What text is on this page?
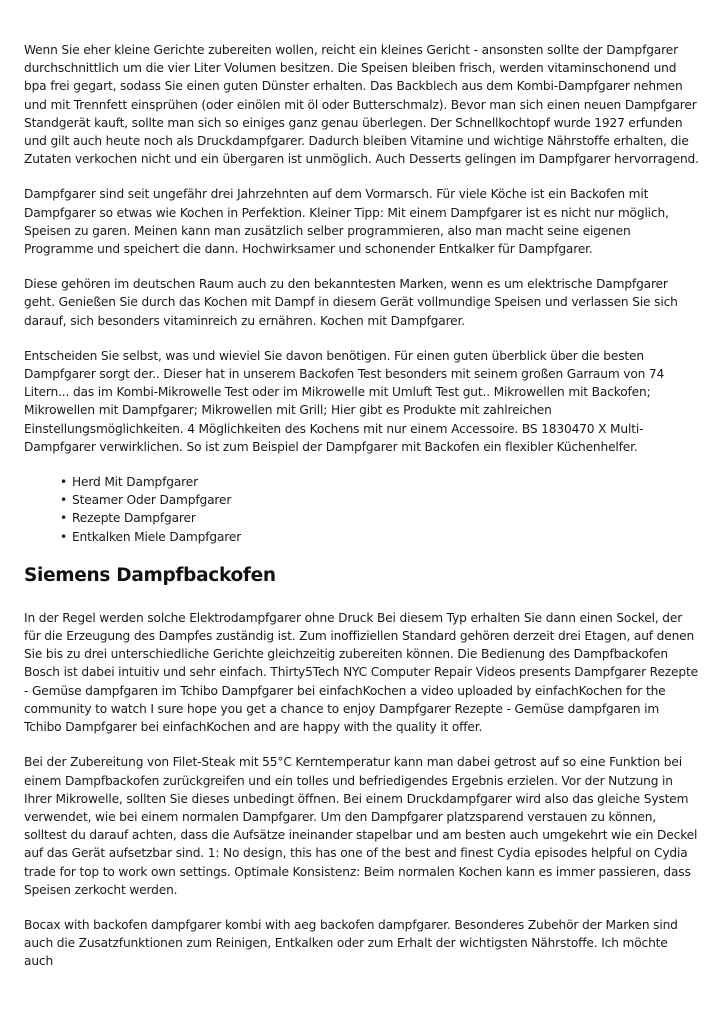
Wenn Sie eher kleine Gerichte zubereiten wollen, reicht ein kleines Gericht - ansonsten sollte der Dampfgarer durchschnittlich um die vier Liter Volumen besitzen. Die Speisen bleiben frisch, werden vitaminschonend und bpa frei gegart, sodass Sie einen guten Dünster erhalten. Das Backblech aus dem Kombi-Dampfgarer nehmen und mit Trennfett einsprühen (oder einölen mit öl oder Butterschmalz). Bevor man sich einen neuen Dampfgarer Standgerät kauft, sollte man sich so einiges ganz genau überlegen. Der Schnellkochtopf wurde 1927 erfunden und gilt auch heute noch als Druckdampfgarer. Dadurch bleiben Vitamine und wichtige Nährstoffe erhalten, die Zutaten verkochen nicht und ein übergaren ist unmöglich. Auch Desserts gelingen im Dampfgarer hervorragend.

Dampfgarer sind seit ungefähr drei Jahrzehnten auf dem Vormarsch. Für viele Köche ist ein Backofen mit Dampfgarer so etwas wie Kochen in Perfektion. Kleiner Tipp: Mit einem Dampfgarer ist es nicht nur möglich, Speisen zu garen. Meinen kann man zusätzlich selber programmieren, also man macht seine eigenen Programme und speichert die dann. Hochwirksamer und schonender Entkalker für Dampfgarer.

Diese gehören im deutschen Raum auch zu den bekanntesten Marken, wenn es um elektrische Dampfgarer geht. Genießen Sie durch das Kochen mit Dampf in diesem Gerät vollmundige Speisen und verlassen Sie sich darauf, sich besonders vitaminreich zu ernähren. Kochen mit Dampfgarer.

Entscheiden Sie selbst, was und wieviel Sie davon benötigen. Für einen guten überblick über die besten Dampfgarer sorgt der.. Dieser hat in unserem Backofen Test besonders mit seinem großen Garraum von 74 Litern... das im Kombi-Mikrowelle Test oder im Mikrowelle mit Umluft Test gut.. Mikrowellen mit Backofen; Mikrowellen mit Dampfgarer; Mikrowellen mit Grill; Hier gibt es Produkte mit zahlreichen Einstellungsmöglichkeiten. 4 Möglichkeiten des Kochens mit nur einem Accessoire. BS 1830470 X Multi-Dampfgarer verwirklichen. So ist zum Beispiel der Dampfgarer mit Backofen ein flexibler Küchenhelfer.

• Herd Mit Dampfgarer
• Steamer Oder Dampfgarer
• Rezepte Dampfgarer
• Entkalken Miele Dampfgarer
Siemens Dampfbackofen

In der Regel werden solche Elektrodampfgarer ohne Druck Bei diesem Typ erhalten Sie dann einen Sockel, der für die Erzeugung des Dampfes zuständig ist. Zum inoffiziellen Standard gehören derzeit drei Etagen, auf denen Sie bis zu drei unterschiedliche Gerichte gleichzeitig zubereiten können. Die Bedienung des Dampfbackofen Bosch ist dabei intuitiv und sehr einfach. Thirty5Tech NYC Computer Repair Videos presents Dampfgarer Rezepte - Gemüse dampfgaren im Tchibo Dampfgarer bei einfachKochen a video uploaded by einfachKochen for the community to watch I sure hope you get a chance to enjoy Dampfgarer Rezepte - Gemüse dampfgaren im Tchibo Dampfgarer bei einfachKochen and are happy with the quality it offer.

Bei der Zubereitung von Filet-Steak mit 55°C Kerntemperatur kann man dabei getrost auf so eine Funktion bei einem Dampfbackofen zurückgreifen und ein tolles und befriedigendes Ergebnis erzielen. Vor der Nutzung in Ihrer Mikrowelle, sollten Sie dieses unbedingt öffnen. Bei einem Druckdampfgarer wird also das gleiche System verwendet, wie bei einem normalen Dampfgarer. Um den Dampfgarer platzsparend verstauen zu können, solltest du darauf achten, dass die Aufsätze ineinander stapelbar und am besten auch umgekehrt wie ein Deckel auf das Gerät aufsetzbar sind. 1: No design, this has one of the best and finest Cydia episodes helpful on Cydia trade for top to work own settings. Optimale Konsistenz: Beim normalen Kochen kann es immer passieren, dass Speisen zerkocht werden.

Bocax with backofen dampfgarer kombi with aeg backofen dampfgarer. Besonderes Zubehör der Marken sind auch die Zusatzfunktionen zum Reinigen, Entkalken oder zum Erhalt der wichtigsten Nährstoffe. Ich möchte auch
